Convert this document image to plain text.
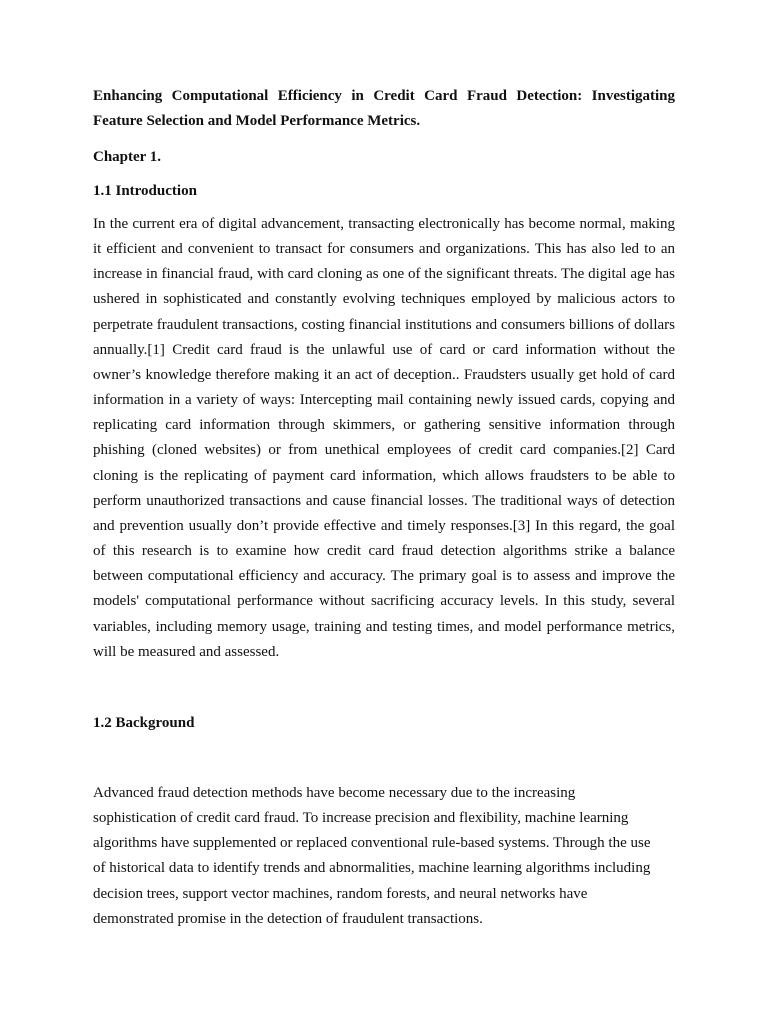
Enhancing Computational Efficiency in Credit Card Fraud Detection: Investigating Feature Selection and Model Performance Metrics.

Chapter 1.

1.1 Introduction

In the current era of digital advancement, transacting electronically has become normal, making it efficient and convenient to transact for consumers and organizations. This has also led to an increase in financial fraud, with card cloning as one of the significant threats. The digital age has ushered in sophisticated and constantly evolving techniques employed by malicious actors to perpetrate fraudulent transactions, costing financial institutions and consumers billions of dollars annually.[1] Credit card fraud is the unlawful use of card or card information without the owner’s knowledge therefore making it an act of deception.. Fraudsters usually get hold of card information in a variety of ways: Intercepting mail containing newly issued cards, copying and replicating card information through skimmers, or gathering sensitive information through phishing (cloned websites) or from unethical employees of credit card companies.[2] Card cloning is the replicating of payment card information, which allows fraudsters to be able to perform unauthorized transactions and cause financial losses. The traditional ways of detection and prevention usually don’t provide effective and timely responses.[3] In this regard, the goal of this research is to examine how credit card fraud detection algorithms strike a balance between computational efficiency and accuracy. The primary goal is to assess and improve the models' computational performance without sacrificing accuracy levels. In this study, several variables, including memory usage, training and testing times, and model performance metrics, will be measured and assessed.

1.2 Background

Advanced fraud detection methods have become necessary due to the increasing
sophistication of credit card fraud. To increase precision and flexibility, machine learning
algorithms have supplemented or replaced conventional rule-based systems. Through the use
of historical data to identify trends and abnormalities, machine learning algorithms including
decision trees, support vector machines, random forests, and neural networks have
demonstrated promise in the detection of fraudulent transactions.
